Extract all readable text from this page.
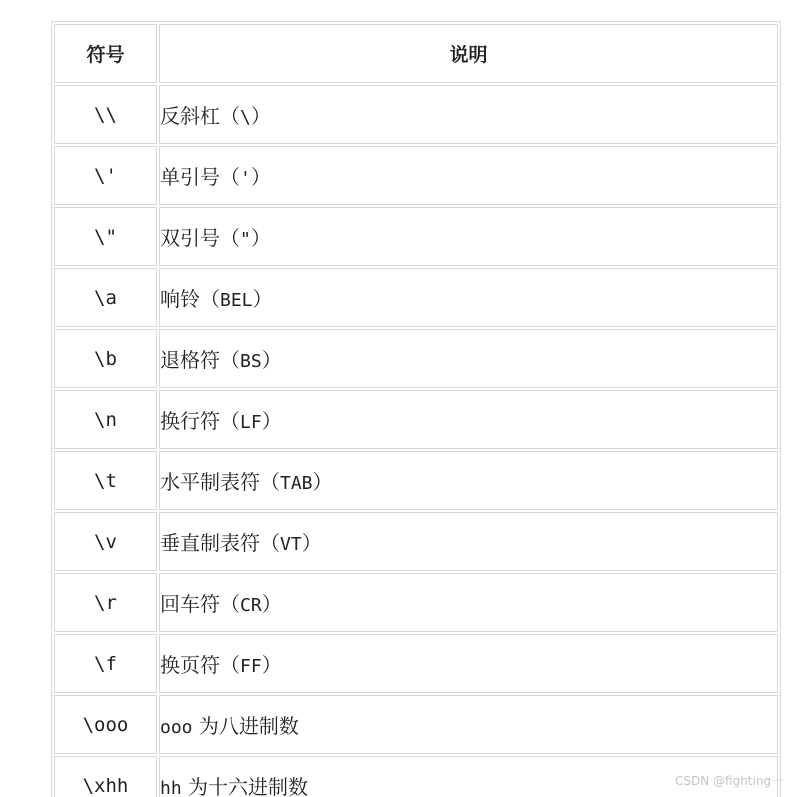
符号	说明
\\	反斜杠（\）
\'	单引号（'）
\"	双引号（"）
\a	响铃（BEL）
\b	退格符（BS）
\n	换行符（LF）
\t	水平制表符（TAB）
\v	垂直制表符（VT）
\r	回车符（CR）
\f	换页符（FF）
\ooo	ooo 为八进制数
\xhh	hh 为十六进制数	CSDN @fighting一
